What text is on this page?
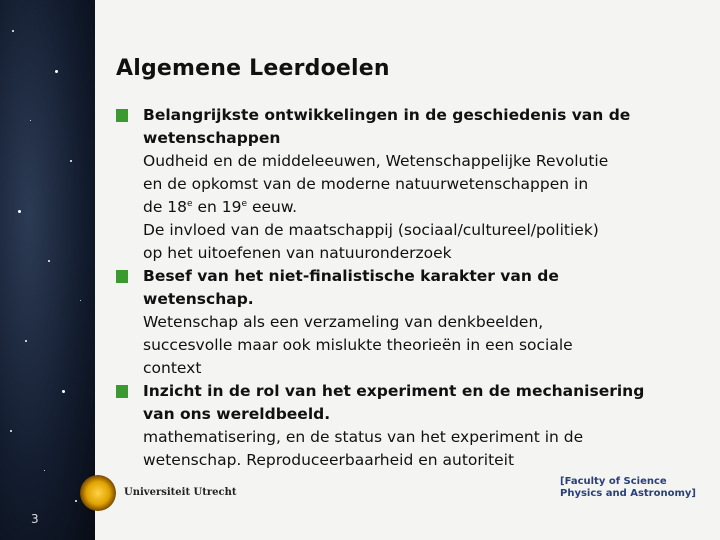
Algemene Leerdoelen
Belangrijkste ontwikkelingen in de geschiedenis van de
wetenschappen
Oudheid en de middeleeuwen, Wetenschappelijke Revolutie
en de opkomst van de moderne natuurwetenschappen in
de 18e en 19e eeuw.
De invloed van de maatschappij (sociaal/cultureel/politiek)
op het uitoefenen van natuuronderzoek
Besef van het niet-finalistische karakter van de
wetenschap.
Wetenschap als een verzameling van denkbeelden,
succesvolle maar ook mislukte theorieën in een sociale
context
Inzicht in de rol van het experiment en de mechanisering
van ons wereldbeeld.
mathematisering, en de status van het experiment in de
wetenschap. Reproduceerbaarheid en autoriteit
Universiteit Utrecht
[Faculty of Science
Physics and Astronomy]
3
